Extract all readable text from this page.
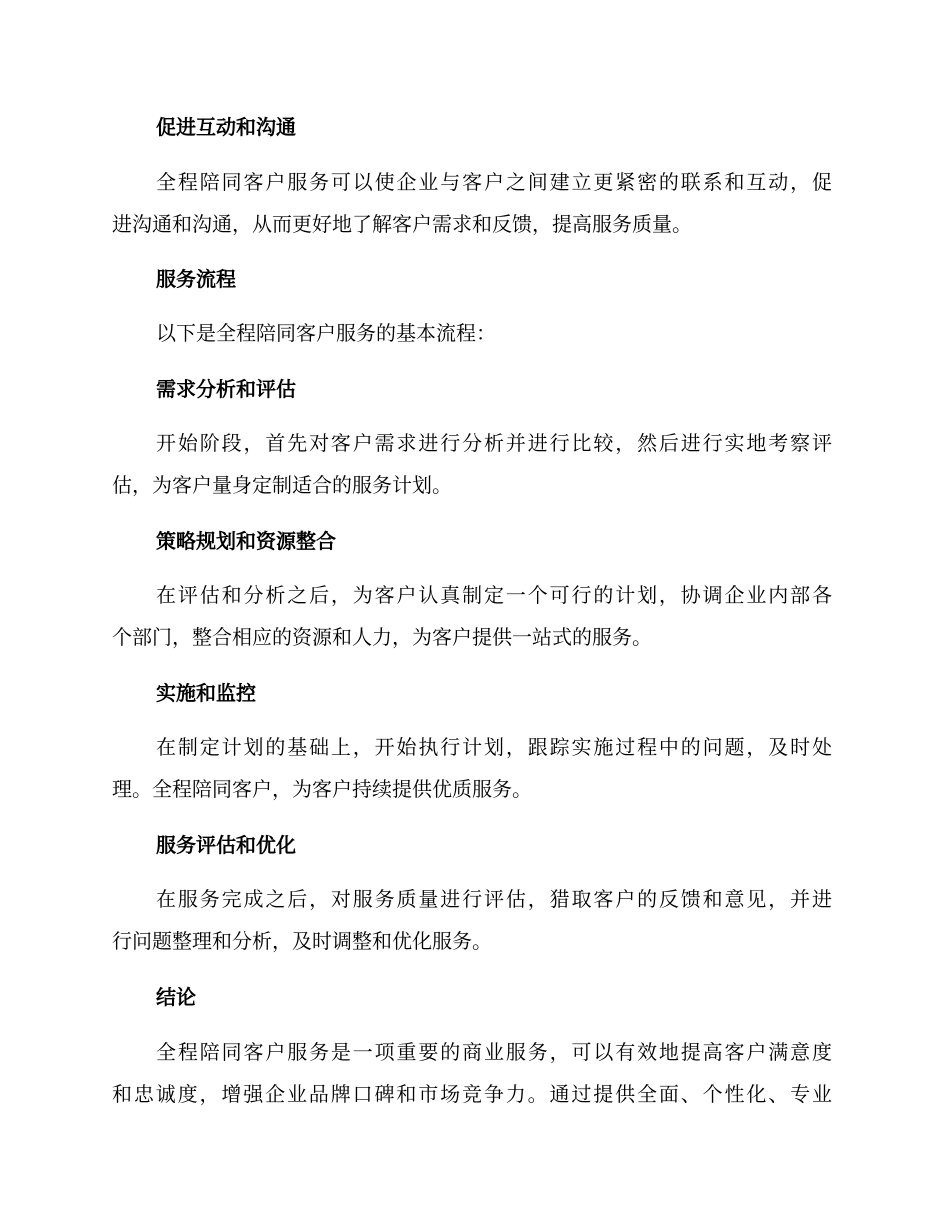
促进互动和沟通
全程陪同客户服务可以使企业与客户之间建立更紧密的联系和互动，促
进沟通和沟通，从而更好地了解客户需求和反馈，提高服务质量。
服务流程
以下是全程陪同客户服务的基本流程：
需求分析和评估
开始阶段，首先对客户需求进行分析并进行比较，然后进行实地考察评
估，为客户量身定制适合的服务计划。
策略规划和资源整合
在评估和分析之后，为客户认真制定一个可行的计划，协调企业内部各
个部门，整合相应的资源和人力，为客户提供一站式的服务。
实施和监控
在制定计划的基础上，开始执行计划，跟踪实施过程中的问题，及时处
理。全程陪同客户，为客户持续提供优质服务。
服务评估和优化
在服务完成之后，对服务质量进行评估，猎取客户的反馈和意见，并进
行问题整理和分析，及时调整和优化服务。
结论
全程陪同客户服务是一项重要的商业服务，可以有效地提高客户满意度
和忠诚度，增强企业品牌口碑和市场竞争力。通过提供全面、个性化、专业
